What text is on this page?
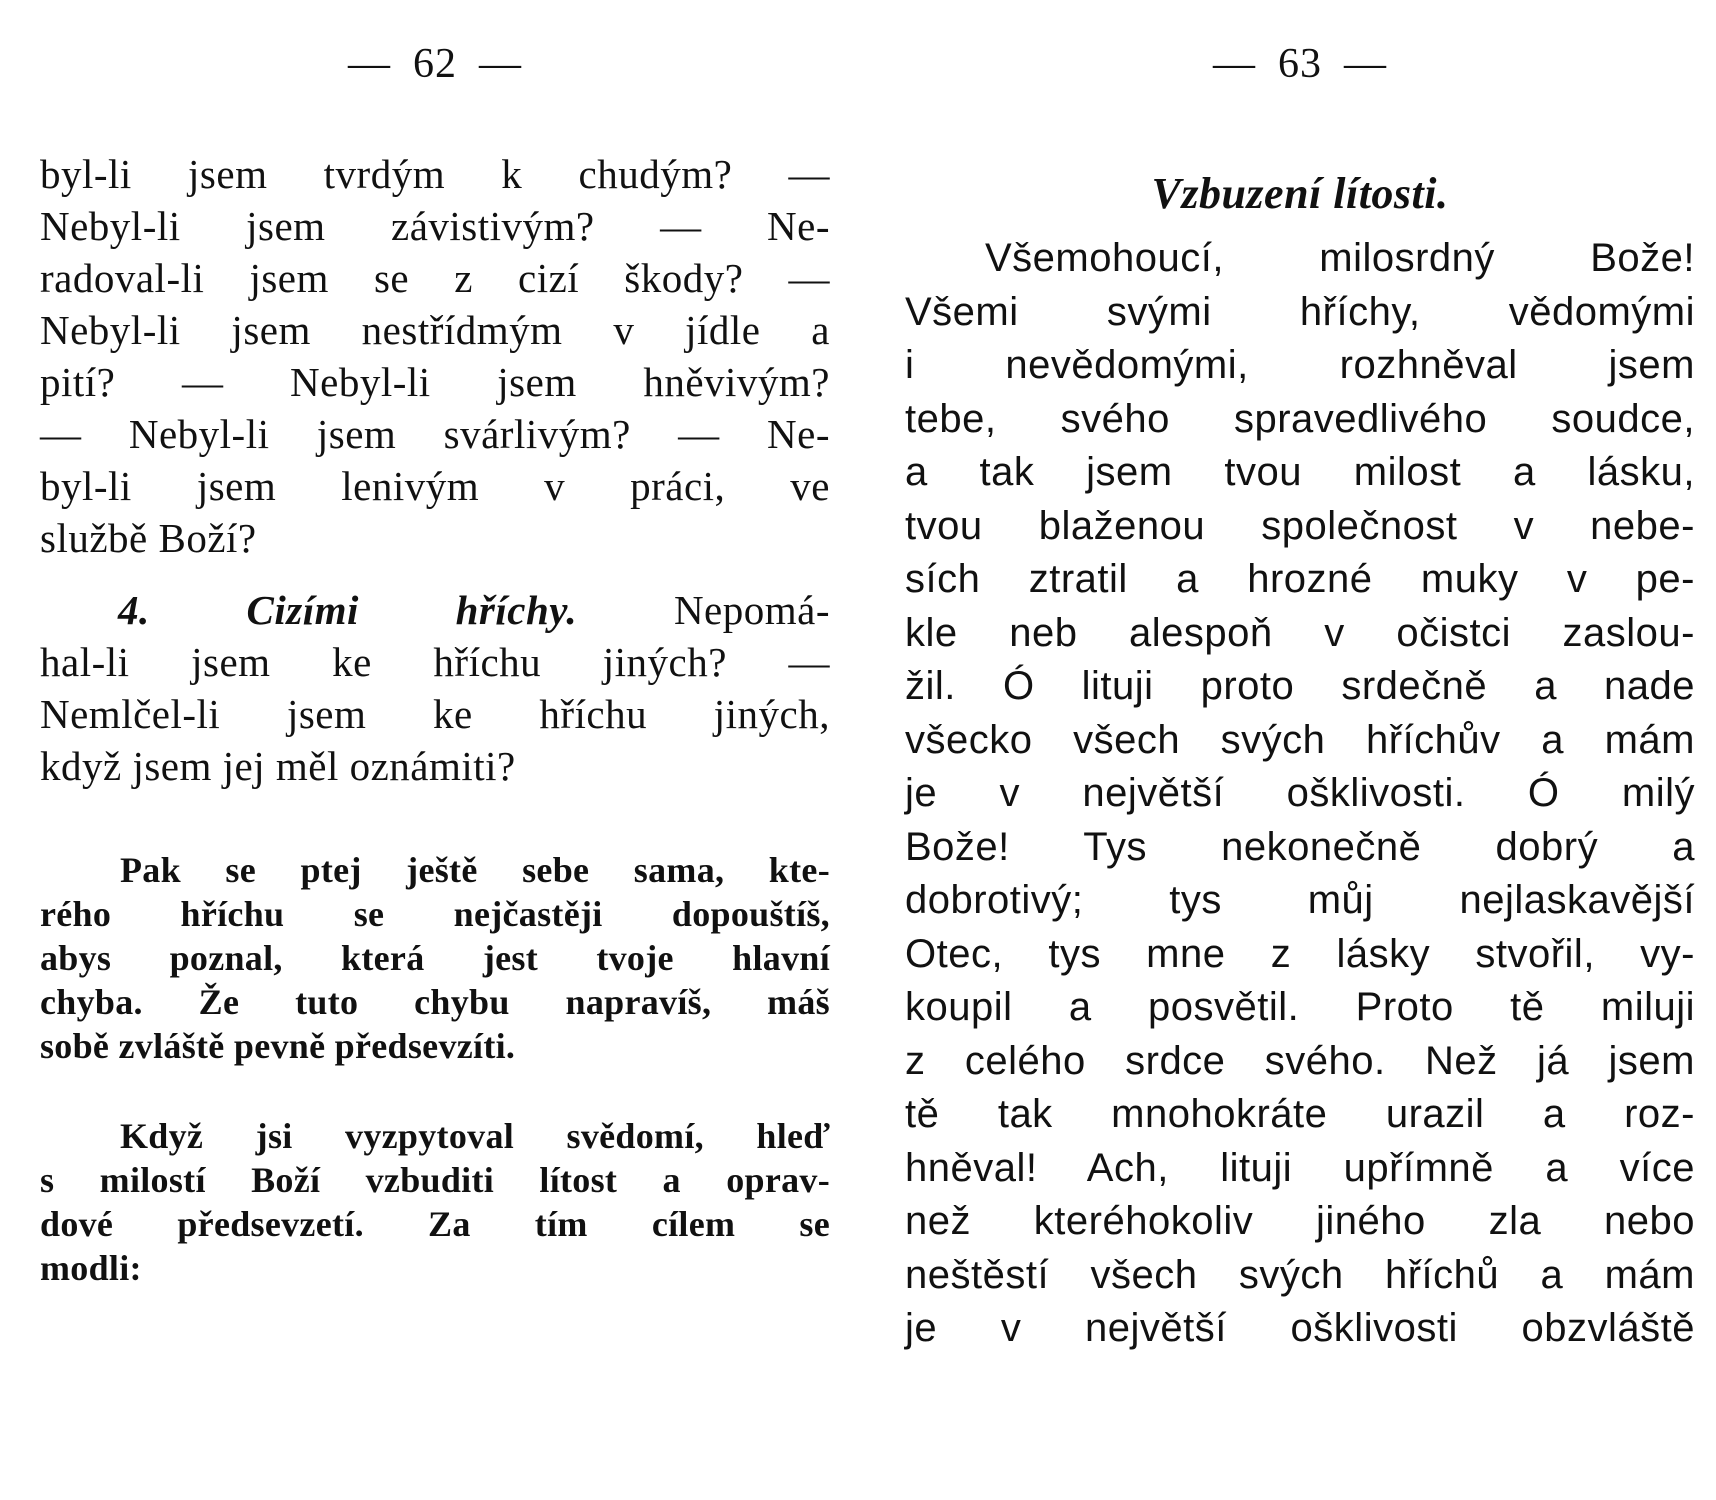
— 62 —
byl-li jsem tvrdým k chudým? —
Nebyl-li jsem závistivým? — Ne-
radoval-li jsem se z cizí škody? —
Nebyl-li jsem nestřídmým v jídle a
pití? — Nebyl-li jsem hněvivým?
— Nebyl-li jsem svárlivým? — Ne-
byl-li jsem lenivým v práci, ve
službě Boží?
4. Cizími hříchy. Nepomá-
hal-li jsem ke hříchu jiných? —
Nemlčel-li jsem ke hříchu jiných,
když jsem jej měl oznámiti?
Pak se ptej ještě sebe sama, kte-
rého hříchu se nejčastěji dopouštíš,
abys poznal, která jest tvoje hlavní
chyba. Že tuto chybu napravíš, máš
sobě zvláště pevně předsevzíti.
Když jsi vyzpytoval svědomí, hleď
s milostí Boží vzbuditi lítost a oprav-
dové předsevzetí. Za tím cílem se
modli:
— 63 —
Vzbuzení lítosti.
Všemohoucí, milosrdný Bože!
Všemi svými hříchy, vědomými
i nevědomými, rozhněval jsem
tebe, svého spravedlivého soudce,
a tak jsem tvou milost a lásku,
tvou blaženou společnost v nebe-
sích ztratil a hrozné muky v pe-
kle neb alespoň v očistci zaslou-
žil. Ó lituji proto srdečně a nade
všecko všech svých hříchův a mám
je v největší ošklivosti. Ó milý
Bože! Tys nekonečně dobrý a
dobrotivý; tys můj nejlaskavější
Otec, tys mne z lásky stvořil, vy-
koupil a posvětil. Proto tě miluji
z celého srdce svého. Než já jsem
tě tak mnohokráte urazil a roz-
hněval! Ach, lituji upřímně a více
než kteréhokoliv jiného zla nebo
neštěstí všech svých hříchů a mám
je v největší ošklivosti obzvláště
